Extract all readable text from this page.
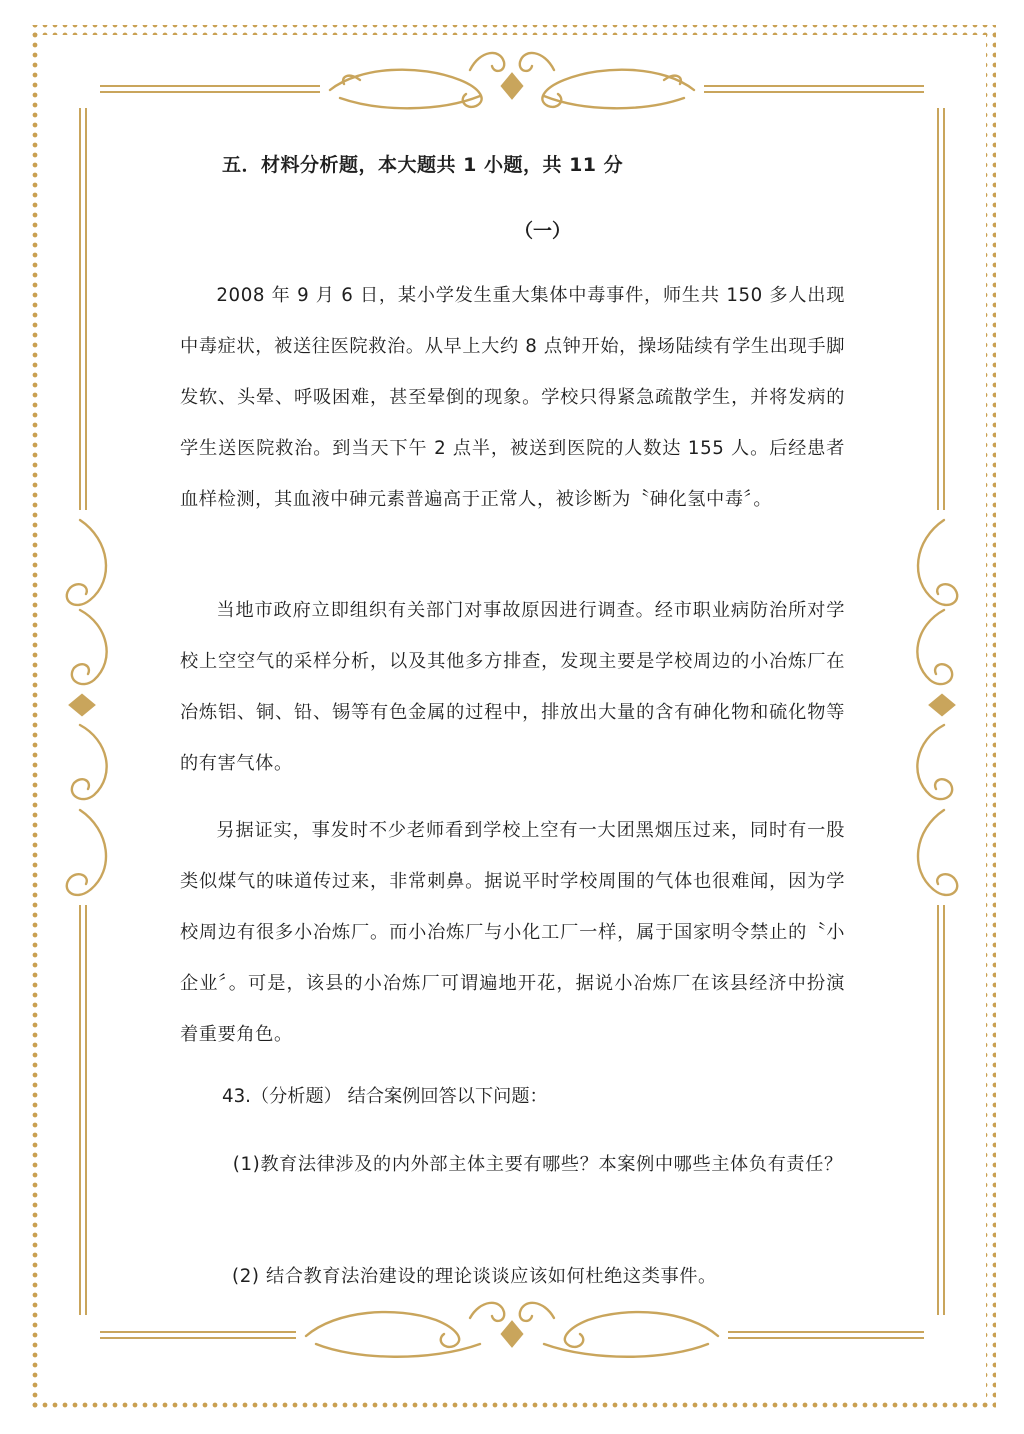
五．材料分析题，本大题共 1 小题，共 11 分
（一）

2008 年 9 月 6 日，某小学发生重大集体中毒事件，师生共 150 多人出现中毒症状，被送往医院救治。从早上大约 8 点钟开始，操场陆续有学生出现手脚发软、头晕、呼吸困难，甚至晕倒的现象。学校只得紧急疏散学生，并将发病的学生送医院救治。到当天下午 2 点半，被送到医院的人数达 155 人。后经患者血样检测，其血液中砷元素普遍高于正常人，被诊断为〝砷化氢中毒〞。

当地市政府立即组织有关部门对事故原因进行调查。经市职业病防治所对学校上空空气的采样分析，以及其他多方排查，发现主要是学校周边的小冶炼厂在冶炼铝、铜、铅、锡等有色金属的过程中，排放出大量的含有砷化物和硫化物等的有害气体。

另据证实，事发时不少老师看到学校上空有一大团黑烟压过来，同时有一股类似煤气的味道传过来，非常刺鼻。据说平时学校周围的气体也很难闻，因为学校周边有很多小冶炼厂。而小冶炼厂与小化工厂一样，属于国家明令禁止的〝小企业〞。可是，该县的小冶炼厂可谓遍地开花，据说小冶炼厂在该县经济中扮演着重要角色。

43.（分析题） 结合案例回答以下问题：

(1)教育法律涉及的内外部主体主要有哪些？本案例中哪些主体负有责任？

(2) 结合教育法治建设的理论谈谈应该如何杜绝这类事件。
